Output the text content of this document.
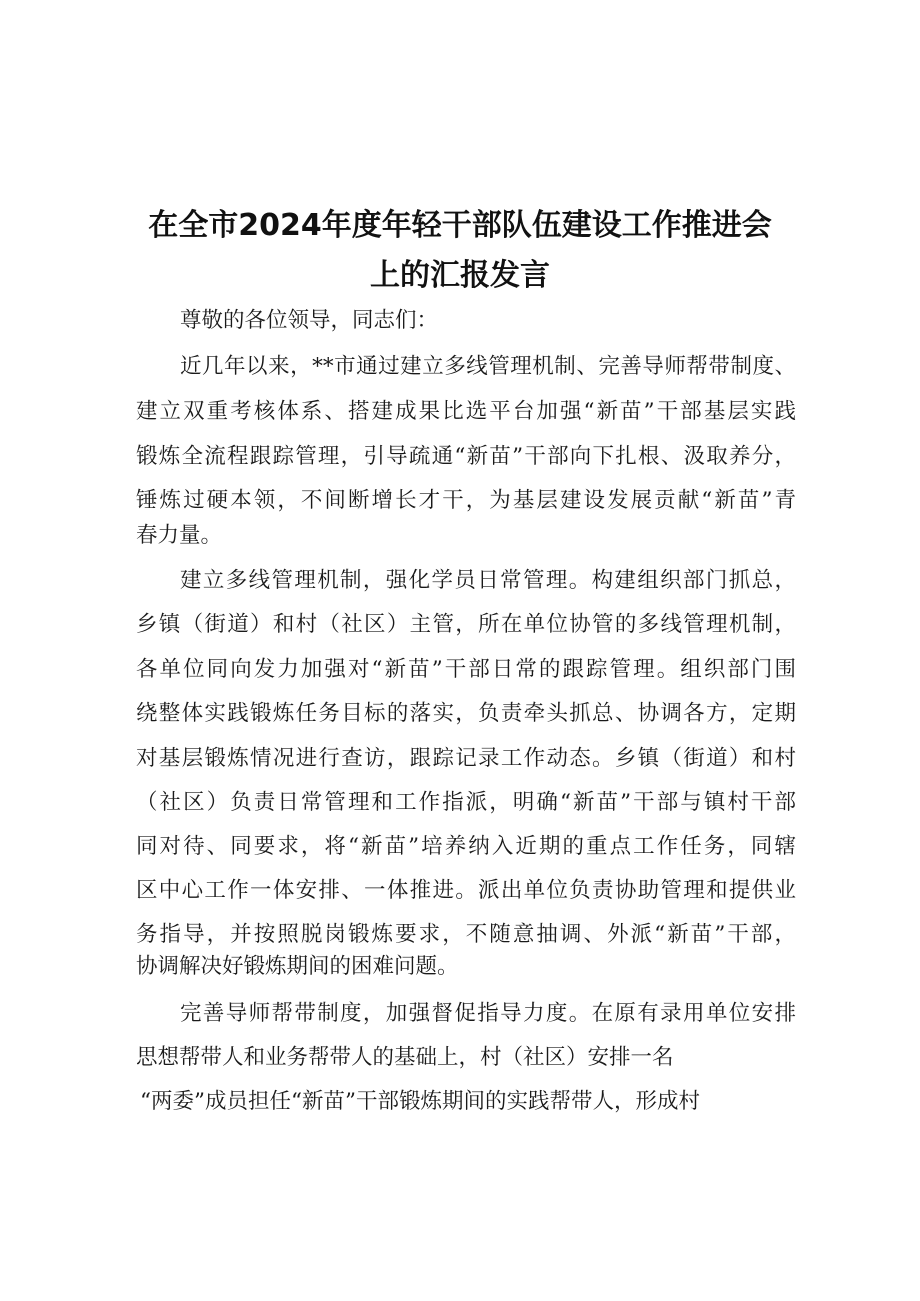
在全市2024年度年轻干部队伍建设工作推进会
上的汇报发言
尊敬的各位领导，同志们：
近几年以来，**市通过建立多线管理机制、完善导师帮带制度、
建立双重考核体系、搭建成果比选平台加强“新苗”干部基层实践
锻炼全流程跟踪管理，引导疏通“新苗”干部向下扎根、汲取养分，
锤炼过硬本领，不间断增长才干，为基层建设发展贡献“新苗”青
春力量。
建立多线管理机制，强化学员日常管理。构建组织部门抓总，
乡镇（街道）和村（社区）主管，所在单位协管的多线管理机制，
各单位同向发力加强对“新苗”干部日常的跟踪管理。组织部门围
绕整体实践锻炼任务目标的落实，负责牵头抓总、协调各方，定期
对基层锻炼情况进行查访，跟踪记录工作动态。乡镇（街道）和村
（社区）负责日常管理和工作指派，明确“新苗”干部与镇村干部
同对待、同要求，将“新苗”培养纳入近期的重点工作任务，同辖
区中心工作一体安排、一体推进。派出单位负责协助管理和提供业
务指导，并按照脱岗锻炼要求，不随意抽调、外派“新苗”干部，
协调解决好锻炼期间的困难问题。
完善导师帮带制度，加强督促指导力度。在原有录用单位安排
思想帮带人和业务帮带人的基础上，村（社区）安排一名
“两委”成员担任“新苗”干部锻炼期间的实践帮带人，形成村
